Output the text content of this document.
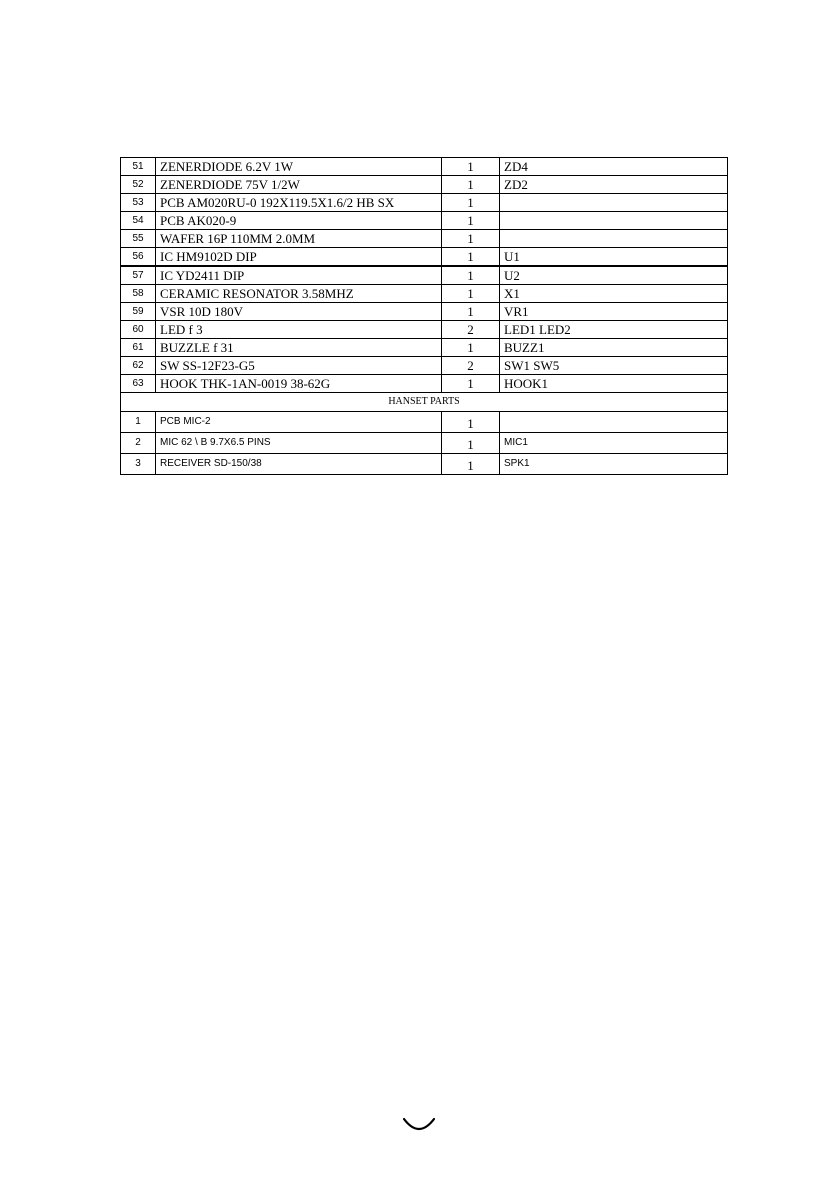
51	ZENERDIODE 6.2V 1W	1	ZD4
52	ZENERDIODE 75V 1/2W	1	ZD2
53	PCB AM020RU-0 192X119.5X1.6/2 HB SX	1	
54	PCB AK020-9	1	
55	WAFER 16P 110MM 2.0MM	1	
56	IC HM9102D DIP	1	U1
57	IC YD2411 DIP	1	U2
58	CERAMIC RESONATOR 3.58MHZ	1	X1
59	VSR 10D 180V	1	VR1
60	LED f 3	2	LED1 LED2
61	BUZZLE f 31	1	BUZZ1
62	SW SS-12F23-G5	2	SW1 SW5
63	HOOK THK-1AN-0019 38-62G	1	HOOK1
HANSET PARTS			
1	PCB MIC-2	1	
2	MIC 62 \ B 9.7X6.5 PINS	1	MIC1
3	RECEIVER SD-150/38	1	SPK1
